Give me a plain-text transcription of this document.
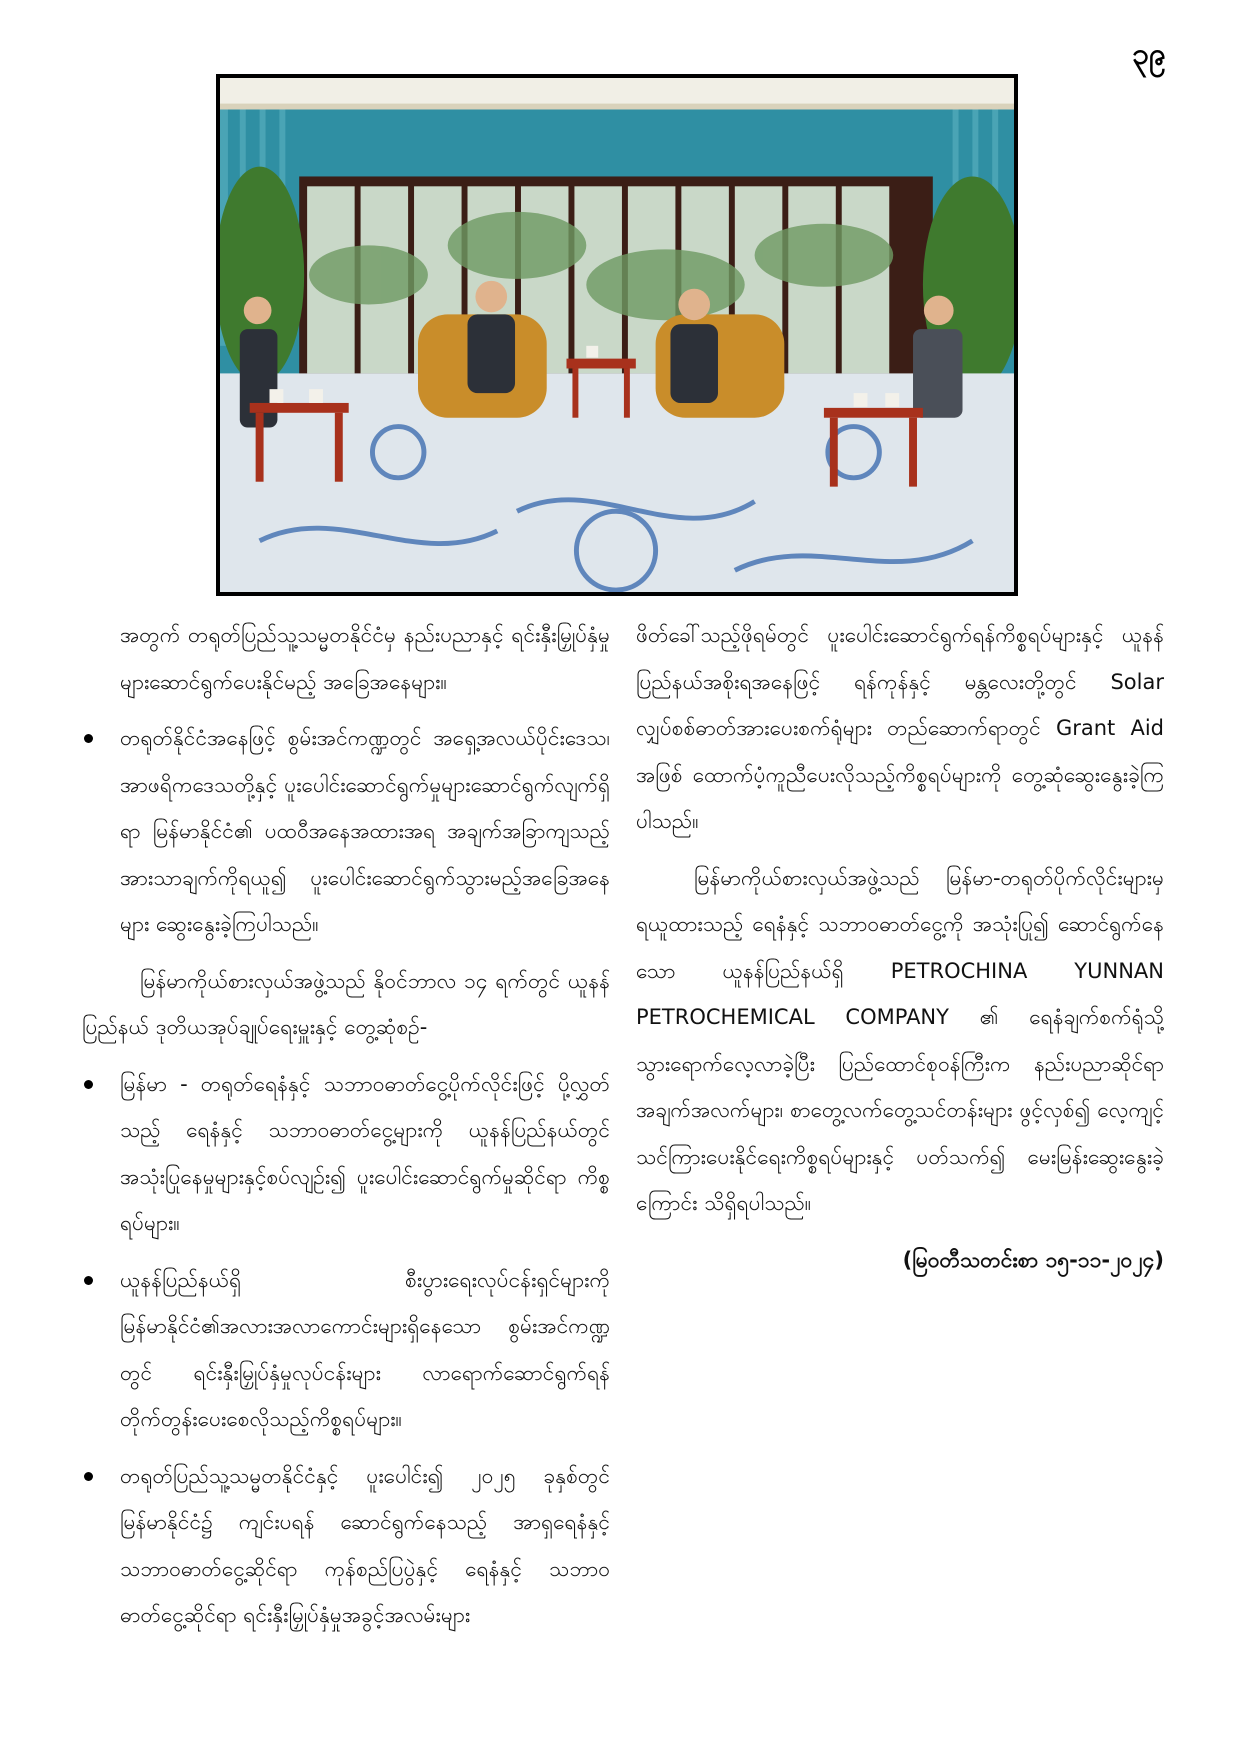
၃၉

အတွက် တရုတ်ပြည်သူ့သမ္မတနိုင်ငံမှ နည်းပညာနှင့် ရင်းနှီးမြှုပ်နှံမှုများဆောင်ရွက်ပေးနိုင်မည့် အခြေအနေများ။

တရုတ်နိုင်ငံအနေဖြင့် စွမ်းအင်ကဏ္ဍတွင် အရှေ့အလယ်ပိုင်းဒေသ၊ အာဖရိကဒေသတို့နှင့် ပူးပေါင်းဆောင်ရွက်မှုများဆောင်ရွက်လျက်ရှိရာ မြန်မာနိုင်ငံ၏ ပထဝီအနေအထားအရ အချက်အခြာကျသည့် အားသာချက်ကိုရယူ၍ ပူးပေါင်းဆောင်ရွက်သွားမည့်အခြေအနေများ ဆွေးနွေးခဲ့ကြပါသည်။

မြန်မာကိုယ်စားလှယ်အဖွဲ့သည် နိုဝင်ဘာလ ၁၄ ရက်တွင် ယူနန်ပြည်နယ် ဒုတိယအုပ်ချုပ်ရေးမှူးနှင့် တွေ့ဆုံစဉ်-

မြန်မာ - တရုတ်ရေနံနှင့် သဘာဝဓာတ်ငွေ့ပိုက်လိုင်းဖြင့် ပို့လွှတ်သည့် ရေနံနှင့် သဘာဝဓာတ်ငွေ့များကို ယူနန်ပြည်နယ်တွင် အသုံးပြုနေမှုများနှင့်စပ်လျဉ်း၍ ပူးပေါင်းဆောင်ရွက်မှုဆိုင်ရာ ကိစ္စရပ်များ။

ယူနန်ပြည်နယ်ရှိ စီးပွားရေးလုပ်ငန်းရှင်များကို မြန်မာနိုင်ငံ၏အလားအလာကောင်းများရှိနေသော စွမ်းအင်ကဏ္ဍတွင် ရင်းနှီးမြှုပ်နှံမှုလုပ်ငန်းများ လာရောက်ဆောင်ရွက်ရန် တိုက်တွန်းပေးစေလိုသည့်ကိစ္စရပ်များ။

တရုတ်ပြည်သူ့သမ္မတနိုင်ငံနှင့် ပူးပေါင်း၍ ၂၀၂၅ ခုနှစ်တွင် မြန်မာနိုင်ငံ၌ ကျင်းပရန် ဆောင်ရွက်နေသည့် အာရှရေနံနှင့်သဘာဝဓာတ်ငွေ့ဆိုင်ရာ ကုန်စည်ပြပွဲနှင့် ရေနံနှင့် သဘာဝ ဓာတ်ငွေ့ဆိုင်ရာ ရင်းနှီးမြှုပ်နှံမှုအခွင့်အလမ်းများ

ဖိတ်ခေါ်သည့်ဖိုရမ်တွင် ပူးပေါင်းဆောင်ရွက်ရန်ကိစ္စရပ်များနှင့် ယူနန်ပြည်နယ်အစိုးရအနေဖြင့် ရန်ကုန်နှင့် မန္တလေးတို့တွင် Solar လျှပ်စစ်ဓာတ်အားပေးစက်ရုံများ တည်ဆောက်ရာတွင် Grant Aid အဖြစ် ထောက်ပံ့ကူညီပေးလိုသည့်ကိစ္စရပ်များကို တွေ့ဆုံဆွေးနွေးခဲ့ကြပါသည်။

မြန်မာကိုယ်စားလှယ်အဖွဲ့သည် မြန်မာ-တရုတ်ပိုက်လိုင်းများမှ ရယူထားသည့် ရေနံနှင့် သဘာဝဓာတ်ငွေ့ကို အသုံးပြု၍ ဆောင်ရွက်နေသော ယူနန်ပြည်နယ်ရှိ PETROCHINA YUNNAN PETROCHEMICAL COMPANY ၏ ရေနံချက်စက်ရုံသို့ သွားရောက်လေ့လာခဲ့ပြီး ပြည်ထောင်စုဝန်ကြီးက နည်းပညာဆိုင်ရာ အချက်အလက်များ၊ စာတွေ့လက်တွေ့သင်တန်းများ ဖွင့်လှစ်၍ လေ့ကျင့်သင်ကြားပေးနိုင်ရေးကိစ္စရပ်များနှင့် ပတ်သက်၍ မေးမြန်းဆွေးနွေးခဲ့ကြောင်း သိရှိရပါသည်။

(မြဝတီသတင်းစာ ၁၅-၁၁-၂၀၂၄)
